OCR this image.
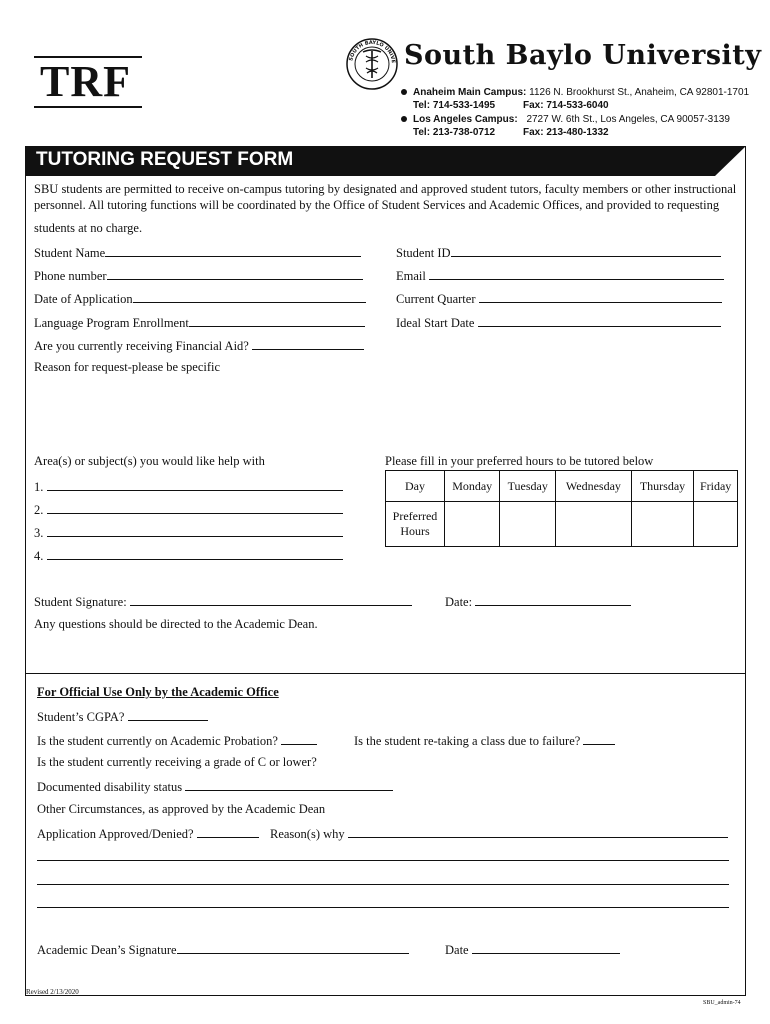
TRF	SOUTH BAYLO UNIVE South Baylo University
Anaheim Main Campus: 1126 N. Brookhurst St., Anaheim, CA 92801-1701
Tel: 714-533-1495	Fax: 714-533-6040
Los Angeles Campus: 2727 W. 6th St., Los Angeles, CA 90057-3139
Tel: 213-738-0712	Fax: 213-480-1332
TUTORING REQUEST FORM
SBU students are permitted to receive on-campus tutoring by designated and approved student tutors, faculty members or other instructional
personnel. All tutoring functions will be coordinated by the Office of Student Services and Academic Offices, and provided to requesting
students at no charge.
Student Name	Student ID
Phone number	Email
Date of Application	Current Quarter
Language Program Enrollment	Ideal Start Date
Are you currently receiving Financial Aid?
Reason for request-please be specific
Area(s) or subject(s) you would like help with
1.
2.
3.
4.
Please fill in your preferred hours to be tutored below
Day	Monday	Tuesday	Wednesday	Thursday	Friday

Preferred
Hours					

Student Signature:	Date:
Any questions should be directed to the Academic Dean.
For Official Use Only by the Academic Office
Student’s CGPA?
Is the student currently on Academic Probation?	Is the student re-taking a class due to failure?
Is the student currently receiving a grade of C or lower?
Documented disability status
Other Circumstances, as approved by the Academic Dean
Application Approved/Denied?	Reason(s) why
Academic Dean’s Signature	Date
Revised 2/13/2020
SBU_admin-74
